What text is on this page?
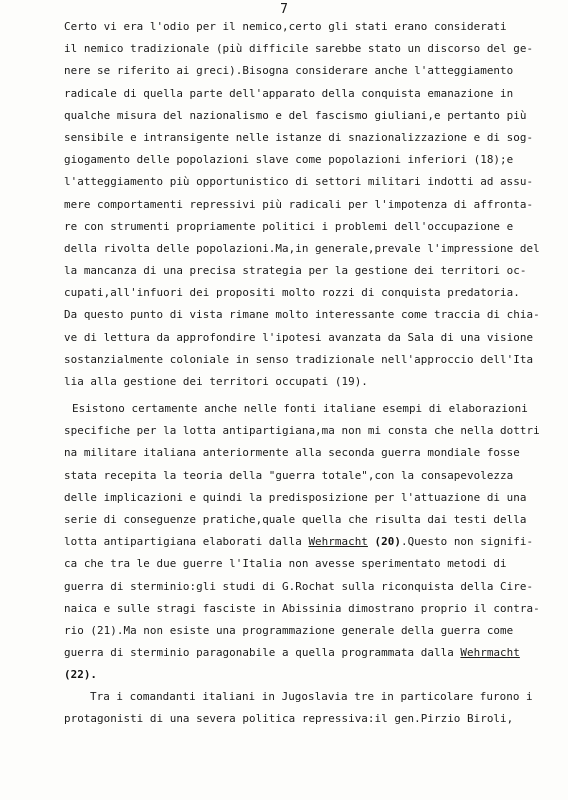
7
Certo vi era l'odio per il nemico,certo gli stati erano considerati
il nemico tradizionale (più difficile sarebbe stato un discorso del ge-
nere se riferito ai greci).Bisogna considerare anche l'atteggiamento
radicale di quella parte dell'apparato della conquista emanazione in
qualche misura del nazionalismo e del fascismo giuliani,e pertanto più
sensibile e intransigente nelle istanze di snazionalizzazione e di sog-
giogamento delle popolazioni slave come popolazioni inferiori (18);e
l'atteggiamento più opportunistico di settori militari indotti ad assu-
mere comportamenti repressivi più radicali per l'impotenza di affronta-
re con strumenti propriamente politici i problemi dell'occupazione e
della rivolta delle popolazioni.Ma,in generale,prevale l'impressione del
la mancanza di una precisa strategia per la gestione dei territori oc-
cupati,all'infuori dei propositi molto rozzi di conquista predatoria.
Da questo punto di vista rimane molto interessante come traccia di chia-
ve di lettura da approfondire l'ipotesi avanzata da Sala di una visione
sostanzialmente coloniale in senso tradizionale nell'approccio dell'Ita
lia alla gestione dei territori occupati (19).
Esistono certamente anche nelle fonti italiane esempi di elaborazioni
specifiche per la lotta antipartigiana,ma non mi consta che nella dottri
na militare italiana anteriormente alla seconda guerra mondiale fosse
stata recepita la teoria della "guerra totale",con la consapevolezza
delle implicazioni e quindi la predisposizione per l'attuazione di una
serie di conseguenze pratiche,quale quella che risulta dai testi della
lotta antipartigiana elaborati dalla Wehrmacht (20).Questo non signifi-
ca che tra le due guerre l'Italia non avesse sperimentato metodi di
guerra di sterminio:gli studi di G.Rochat sulla riconquista della Cire-
naica e sulle stragi fasciste in Abissinia dimostrano proprio il contra-
rio (21).Ma non esiste una programmazione generale della guerra come
guerra di sterminio paragonabile a quella programmata dalla Wehrmacht
(22).
Tra i comandanti italiani in Jugoslavia tre in particolare furono i
protagonisti di una severa politica repressiva:il gen.Pirzio Biroli,
